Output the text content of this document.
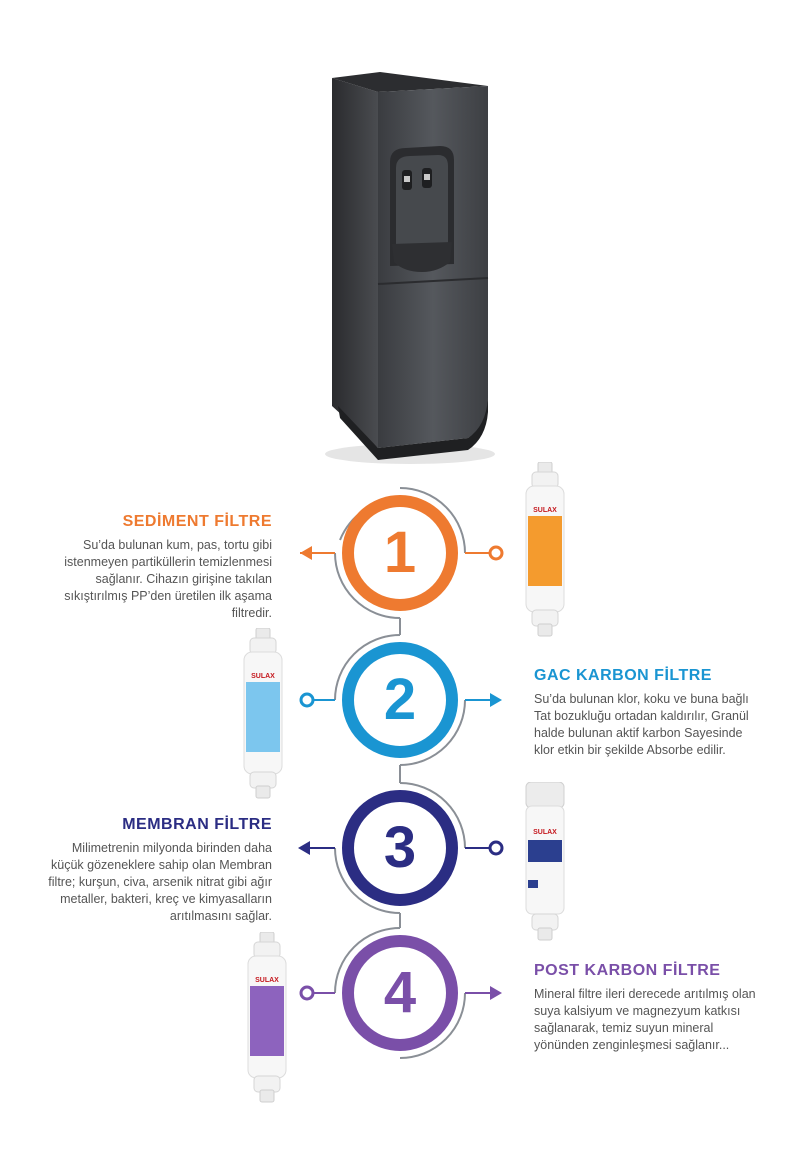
1
2
3
4
SEDİMENT FİLTRE
Su’da bulunan kum, pas, tortu gibi istenmeyen partiküllerin temizlenmesi sağlanır. Cihazın girişine takılan sıkıştırılmış PP’den üretilen ilk aşama filtredir.
GAC KARBON FİLTRE
Su’da bulunan klor, koku ve buna bağlı Tat bozukluğu ortadan kaldırılır, Granül halde bulunan aktif karbon Sayesinde klor etkin bir şekilde Absorbe edilir.
MEMBRAN FİLTRE
Milimetrenin milyonda birinden daha küçük gözeneklere sahip olan Membran filtre; kurşun, civa, arsenik nitrat gibi ağır metaller, bakteri, kreç ve kimyasalların arıtılmasını sağlar.
POST KARBON FİLTRE
Mineral filtre ileri derecede arıtılmış olan suya kalsiyum ve magnezyum katkısı sağlanarak, temiz suyun mineral yönünden zenginleşmesi sağlanır...
SULAX
SULAX
SULAX
SULAX
